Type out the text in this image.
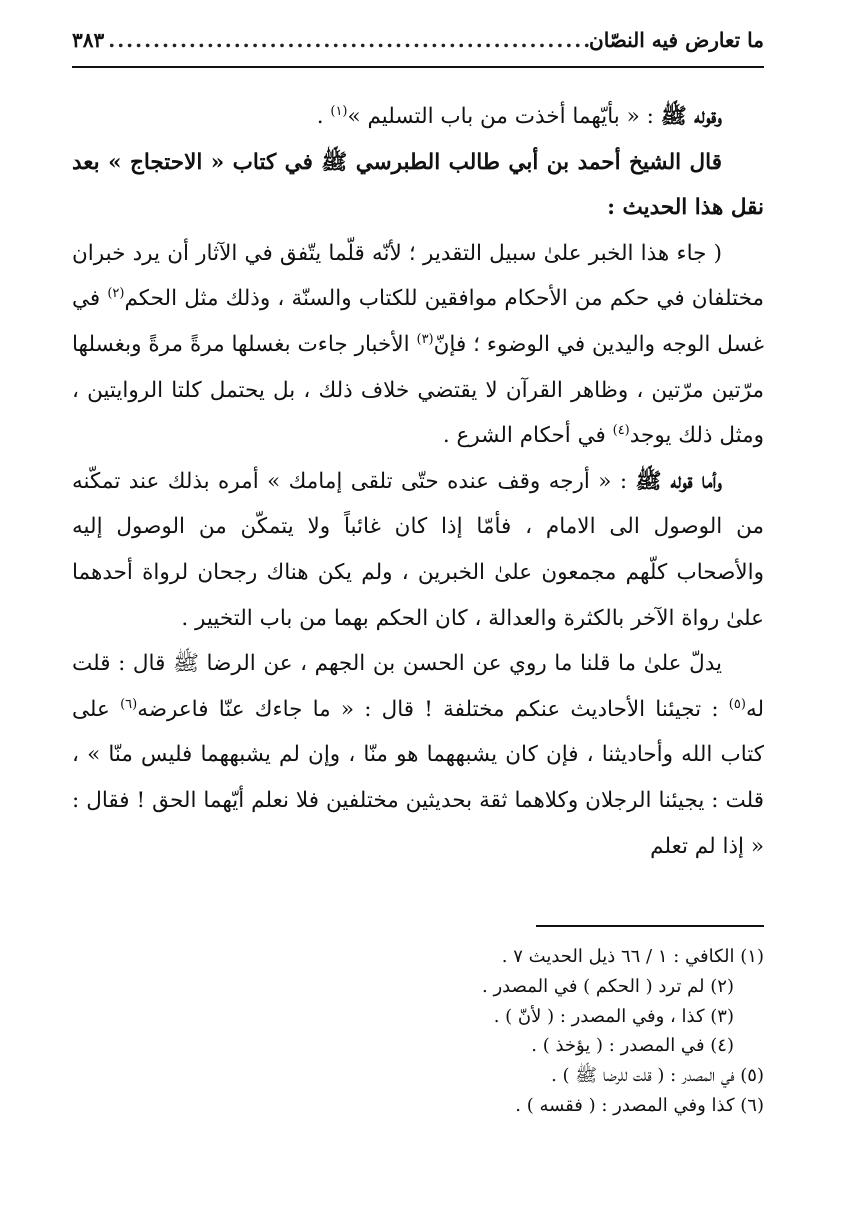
ما تعارض فيه النصّان
.....
٣٨٣

وقوله ﷺ : « بأيّهما أخذت من باب التسليم »$^{(١)}$ .

قال الشيخ أحمد بن أبي طالب الطبرسي ﷺ في كتاب « الاحتجاج » بعد نقل هذا الحديث :

( جاء هذا الخبر علىٰ سبيل التقدير ؛ لأنّه قلّما يتّفق في الآثار أن يرد خبران مختلفان في حكم من الأحكام موافقين للكتاب والسنّة ، وذلك مثل الحكم$^{(٢)}$ في غسل الوجه واليدين في الوضوء ؛ فإنّ$^{(٣)}$ الأخبار جاءت بغسلها مرةً مرةً وبغسلها مرّتين مرّتين ، وظاهر القرآن لا يقتضي خلاف ذلك ، بل يحتمل كلتا الروايتين ، ومثل ذلك يوجد$^{(٤)}$ في أحكام الشرع .

وأما قوله ﷺ : « أرجه وقف عنده حتّى تلقى إمامك » أمره بذلك عند تمكّنه من الوصول الى الامام ، فأمّا إذا كان غائباً ولا يتمكّن من الوصول إليه والأصحاب كلّهم مجمعون علىٰ الخبرين ، ولم يكن هناك رجحان لرواة أحدهما علىٰ رواة الآخر بالكثرة والعدالة ، كان الحكم بهما من باب التخيير .

يدلّ علىٰ ما قلنا ما روي عن الحسن بن الجهم ، عن الرضا ﷺ قال : قلت له$^{(٥)}$ : تجيئنا الأحاديث عنكم مختلفة ! قال : « ما جاءك عنّا فاعرضه$^{(٦)}$ على كتاب الله وأحاديثنا ، فإن كان يشبههما هو منّا ، وإن لم يشبههما فليس منّا » ، قلت : يجيئنا الرجلان وكلاهما ثقة بحديثين مختلفين فلا نعلم أيّهما الحق ! فقال : « إذا لم تعلم

(١) الكافي : ١ / ٦٦ ذيل الحديث ٧ .
(٢) لم ترد ( الحكم ) في المصدر .
(٣) كذا ، وفي المصدر : ( لأنّ ) .
(٤) في المصدر : ( يؤخذ ) .
(٥) في المصدر : ( قلت للرضا ﷺ ) .
(٦) كذا وفي المصدر : ( فقسه ) .
